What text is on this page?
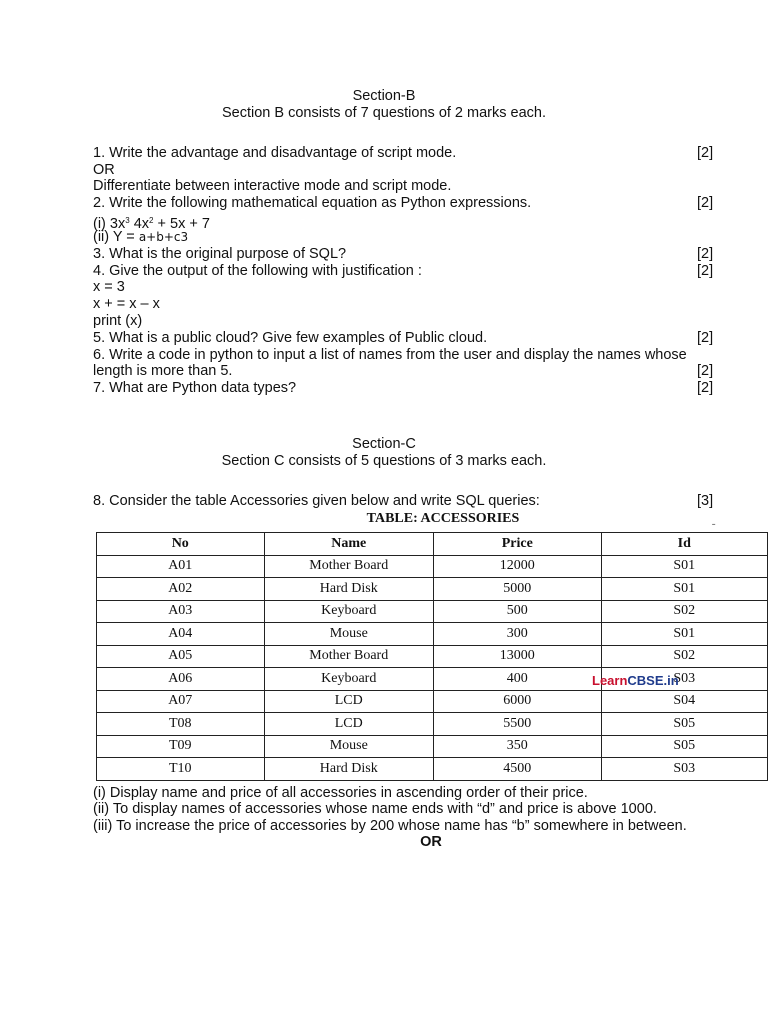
Section-B
Section B consists of 7 questions of 2 marks each.
1. Write the advantage and disadvantage of script mode.	[2]
OR
Differentiate between interactive mode and script mode.
2. Write the following mathematical equation as Python expressions.	[2]
(i) $3x^3$ $4x^2 + 5x + 7$
(ii) Y = a+b+c3
3. What is the original purpose of SQL?	[2]
4. Give the output of the following with justification :	[2]
x = 3
x + = x – x
print (x)
5. What is a public cloud? Give few examples of Public cloud.	[2]
6. Write a code in python to input a list of names from the user and display the names whose
length is more than 5.	[2]
7. What are Python data types?	[2]
Section-C
Section C consists of 5 questions of 3 marks each.
8. Consider the table Accessories given below and write SQL queries:	[3]
TABLE: ACCESSORIES	˗
No	Name	Price	Id
A01	Mother Board	12000	S01
A02	Hard Disk	5000	S01
A03	Keyboard	500	S02
A04	Mouse	300	S01
A05	Mother Board	13000	S02
A06	Keyboard	400	S03
A07	LCD	6000	S04
T08	LCD	5500	S05
T09	Mouse	350	S05
T10	Hard Disk	4500	S03
LearnCBSE.in
(i) Display name and price of all accessories in ascending order of their price.
(ii) To display names of accessories whose name ends with “d” and price is above 1000.
(iii) To increase the price of accessories by 200 whose name has “b” somewhere in between.
OR
